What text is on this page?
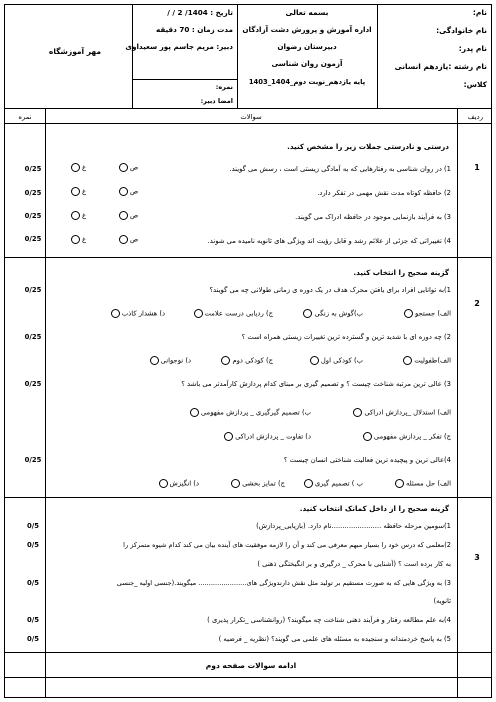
نام:
نام خانوادگی:
نام پدر:
نام رشته :یازدهم انسانی
کلاس:
بسمه تعالی
اداره آموزش و پرورش دشت آزادگان
دبیرستان رضوان
آزمون روان شناسی
پایه یازدهم_نوبت دوم_1404_1403
تاریخ : 1404/ 2 / /
مدت زمان : 70 دقیقه
دبیر: مریم جاسم پور سعیداوی
نمره:
امضا دبیر:
مهر آموزشگاه
ردیف
سوالات
نمره
1
درستی و نادرستی جملات زیر را مشخص کنید.
1) در روان شناسی به رفتارهایی که به آمادگی زیستی است ، رسش می گویند.
0/25	ص
غ
2) حافظه کوتاه مدت نقش مهمی در تفکر دارد.
0/25	ص
غ
3) به فرآیند بازنمایی موجود در حافظه ادراک می گویند.
0/25	ص
غ
4) تغییراتی که جزئی از علائم رشد و قابل رؤیت اند ویژگی های ثانویه نامیده می شوند.
0/25	ص
غ
2
گزینه صحیح را انتخاب کنید.
1)به توانایی افراد برای یافتن محرک هدف در یک دوره ی زمانی طولانی چه می گویند؟
0/25
الف) جستجو
ب)گوش به زنگی
ج) ردیابی درست علامت
د) هشدار کاذب
2) چه دوره ای با شدید ترین و گسترده ترین تغییرات زیستی همراه است ؟
0/25
الف)طفولیت
ب) کودکی اول
ج) کودکی دوم
د) نوجوانی
3) عالی ترین مرتبه شناخت چیست ؟ و تصمیم گیری بر مبنای کدام پردازش کارآمدتر می باشد ؟
0/25
الف) استدلال _پردازش ادراکی
ب) تصمیم گیرگیری _ پردازش مفهومی
ج) تفکر _ پردازش مفهومی
د) تفاوت _ پردازش ادراکی
4)عالی ترین و پیچیده ترین فعالیت شناختی انسان چیست ؟
0/25
الف) حل مسئله
ب ) تصمیم گیری
ج) تمایز بخشی
د) انگیزش
3
گزینه صحیح را از داخل کمانک انتخاب کنید.
1)سومین مرحله حافظه .......................نام دارد. (بازیابی_پردازش)
0/5
2)معلمی که درس خود را بسیار مبهم معرفی می کند و آن را لازمه موفقیت های آینده بیان می کند کدام شیوه متمرکز را
0/5
به کار برده است ؟ (آشنایی با محرک _ درگیری و بر انگیختگی ذهنی )
3) به ویژگی هایی که به صورت مستقیم بر تولید مثل نقش دارندویژگی های....................... میگویند.(جنسی اولیه _جنسی
0/5
ثانویه)
4)به علم مطالعه رفتار و فرآیند ذهنی شناخت چه میگویند؟ (روانشناسی _تکرار پذیری )
0/5
5) به پاسخ خردمندانه و سنجیده به مسئله های علمی می گویند؟ (نظریه _ فرضیه )
0/5
ادامه سوالات صفحه دوم
